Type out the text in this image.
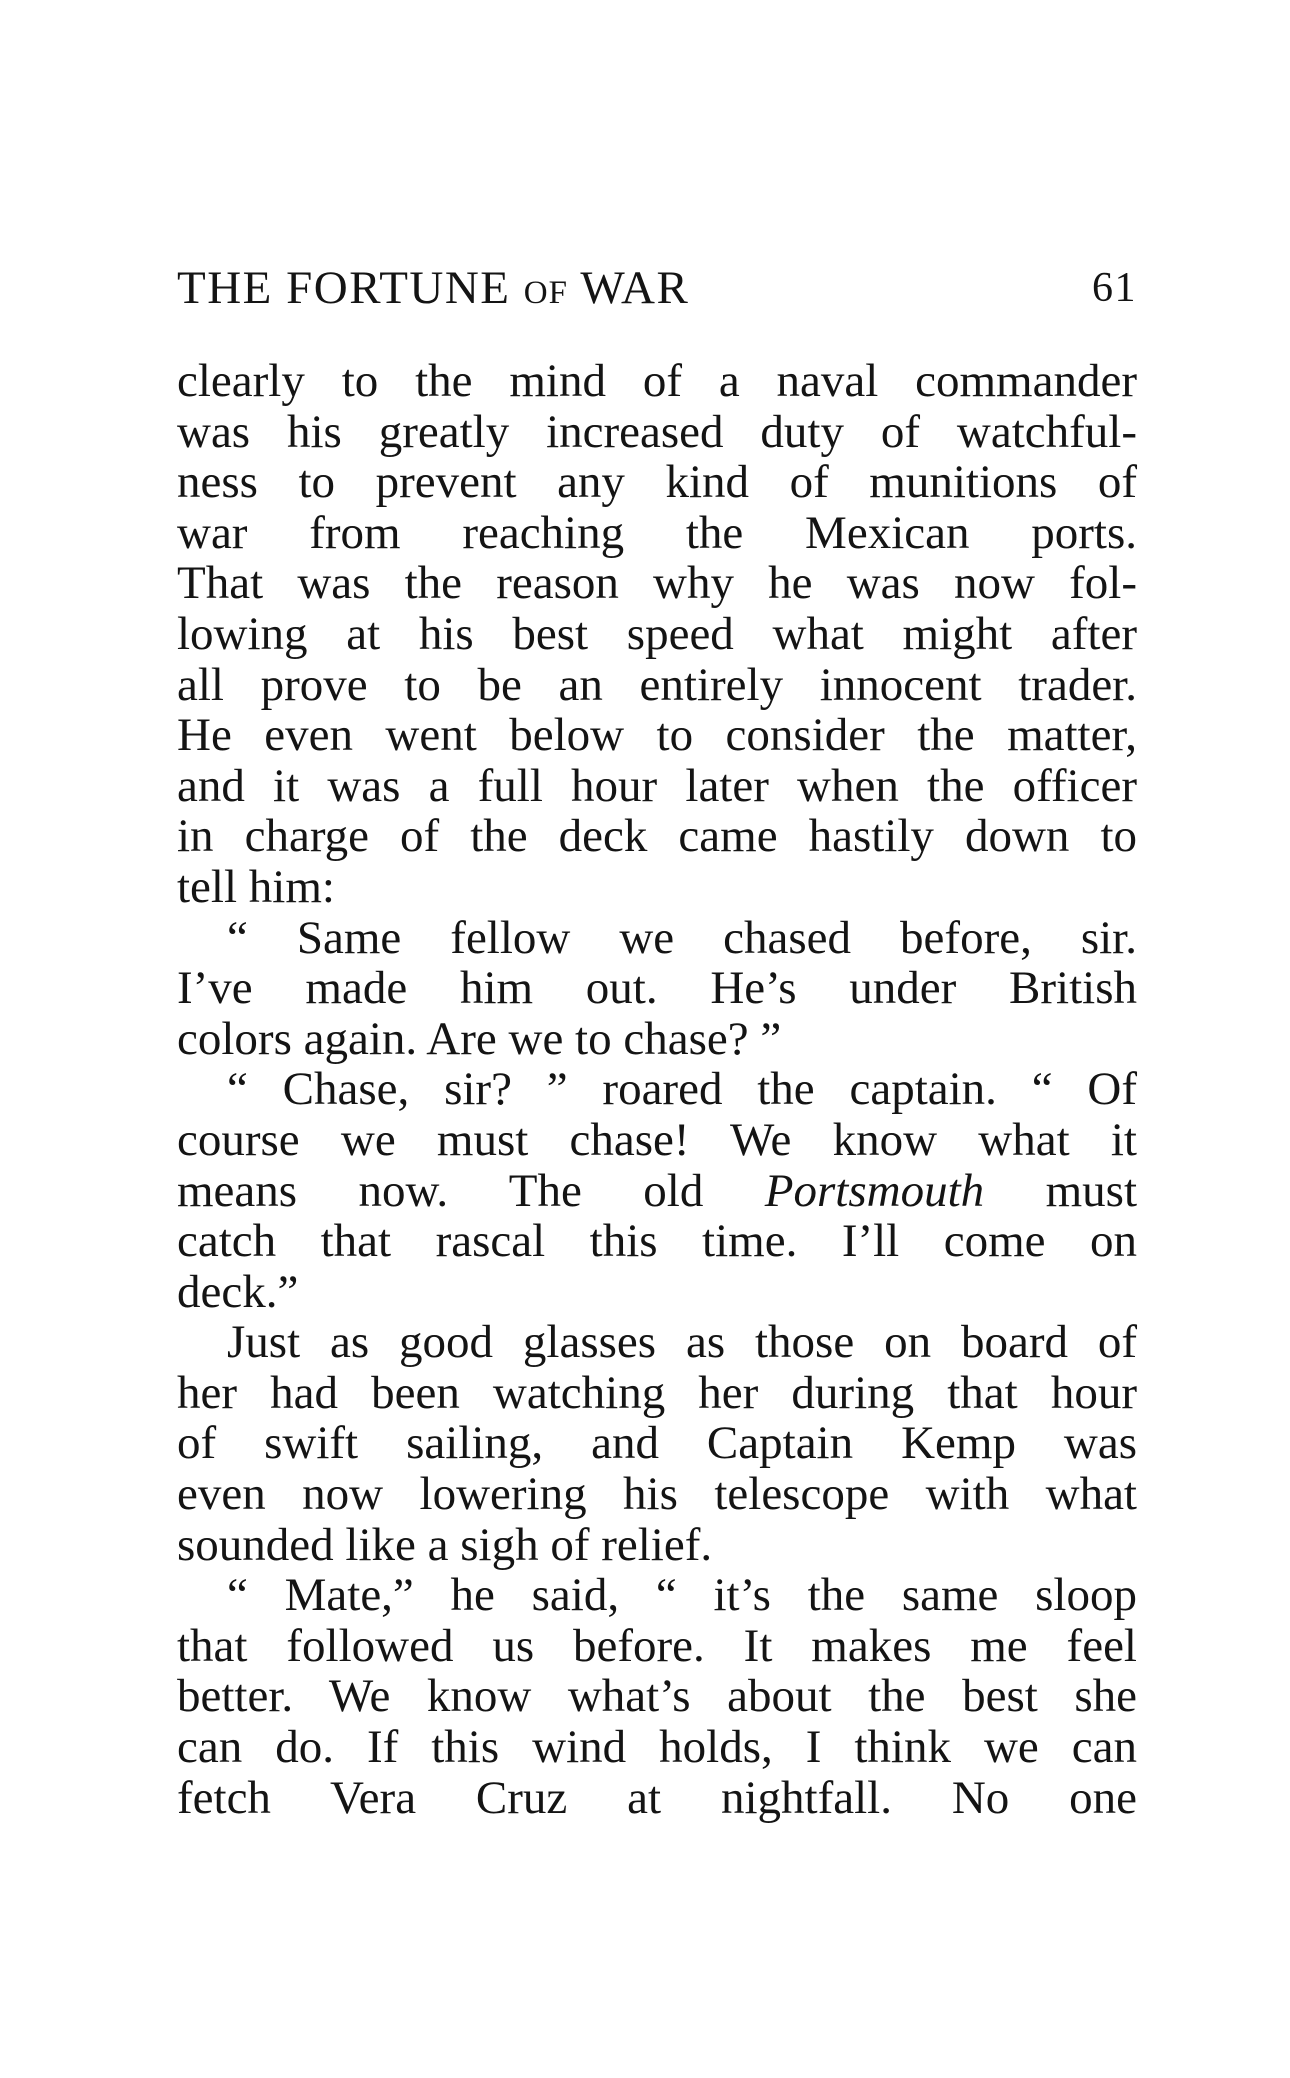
THE FORTUNE OF WAR	61
clearly to the mind of a naval commander
was his greatly increased duty of watchful-
ness to prevent any kind of munitions of
war from reaching the Mexican ports.
That was the reason why he was now fol-
lowing at his best speed what might after
all prove to be an entirely innocent trader.
He even went below to consider the matter,
and it was a full hour later when the officer
in charge of the deck came hastily down to
tell him:
“ Same fellow we chased before, sir.
I’ve made him out. He’s under British
colors again. Are we to chase? ”
“ Chase, sir? ” roared the captain. “ Of
course we must chase! We know what it
means now. The old Portsmouth must
catch that rascal this time. I’ll come on
deck.”
Just as good glasses as those on board of
her had been watching her during that hour
of swift sailing, and Captain Kemp was
even now lowering his telescope with what
sounded like a sigh of relief.
“ Mate,” he said, “ it’s the same sloop
that followed us before. It makes me feel
better. We know what’s about the best she
can do. If this wind holds, I think we can
fetch Vera Cruz at nightfall. No one
